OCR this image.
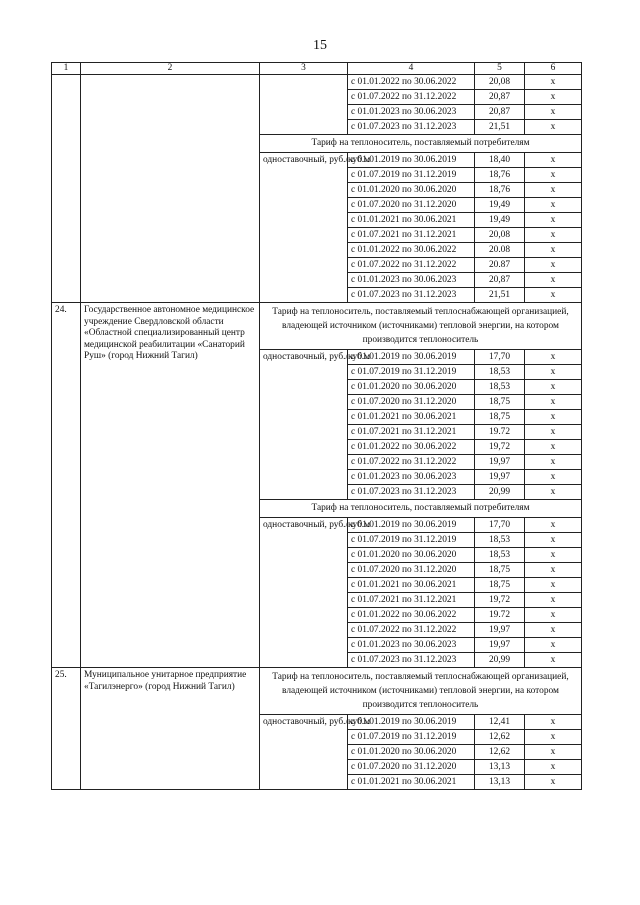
15
1	2	3	4	5	6
			с 01.01.2022 по 30.06.2022	20,08	х
			с 01.07.2022 по 31.12.2022	20,87	х
			с 01.01.2023 по 30.06.2023	20,87	х
			с 01.07.2023 по 31.12.2023	21,51	х
		Тариф на теплоноситель, поставляемый потребителям			
		одноставочный, руб./куб.м	с 01.01.2019 по 30.06.2019	18,40	х
			с 01.07.2019 по 31.12.2019	18,76	х
			с 01.01.2020 по 30.06.2020	18,76	х
			с 01.07.2020 по 31.12.2020	19,49	х
			с 01.01.2021 по 30.06.2021	19,49	х
			с 01.07.2021 по 31.12.2021	20,08	х
			с 01.01.2022 по 30.06.2022	20.08	х
			с 01.07.2022 по 31.12.2022	20.87	х
			с 01.01.2023 по 30.06.2023	20,87	х
			с 01.07.2023 по 31.12.2023	21,51	х
24.	Государственное автономное медицинское учреждение Свердловской области «Областной специализированный центр медицинской реабилитации «Санаторий Руш» (город Нижний Тагил)	Тариф на теплоноситель, поставляемый теплоснабжающей организацией, владеющей источником (источниками) тепловой энергии, на котором производится теплоноситель			
		одноставочный, руб./куб.м	с 01.01.2019 по 30.06.2019	17,70	х
			с 01.07.2019 по 31.12.2019	18,53	х
			с 01.01.2020 по 30.06.2020	18,53	х
			с 01.07.2020 по 31.12.2020	18,75	х
			с 01.01.2021 по 30.06.2021	18,75	х
			с 01.07.2021 по 31.12.2021	19.72	х
			с 01.01.2022 по 30.06.2022	19,72	х
			с 01.07.2022 по 31.12.2022	19,97	х
			с 01.01.2023 по 30.06.2023	19,97	х
			с 01.07.2023 по 31.12.2023	20,99	х
		Тариф на теплоноситель, поставляемый потребителям			
		одноставочный, руб./куб.м	с 01.01.2019 по 30.06.2019	17,70	х
			с 01.07.2019 по 31.12.2019	18,53	х
			с 01.01.2020 по 30.06.2020	18,53	х
			с 01.07.2020 по 31.12.2020	18,75	х
			с 01.01.2021 по 30.06.2021	18,75	х
			с 01.07.2021 по 31.12.2021	19,72	х
			с 01.01.2022 по 30.06.2022	19.72	х
			с 01.07.2022 по 31.12.2022	19,97	х
			с 01.01.2023 по 30.06.2023	19,97	х
			с 01.07.2023 по 31.12.2023	20,99	х
25.	Муниципальное унитарное предприятие «Тагилэнерго» (город Нижний Тагил)	Тариф на теплоноситель, поставляемый теплоснабжающей организацией, владеющей источником (источниками) тепловой энергии, на котором производится теплоноситель			
		одноставочный, руб./куб.м	с 01.01.2019 по 30.06.2019	12,41	х
			с 01.07.2019 по 31.12.2019	12,62	х
			с 01.01.2020 по 30.06.2020	12,62	х
			с 01.07.2020 по 31.12.2020	13,13	х
			с 01.01.2021 по 30.06.2021	13,13	х
